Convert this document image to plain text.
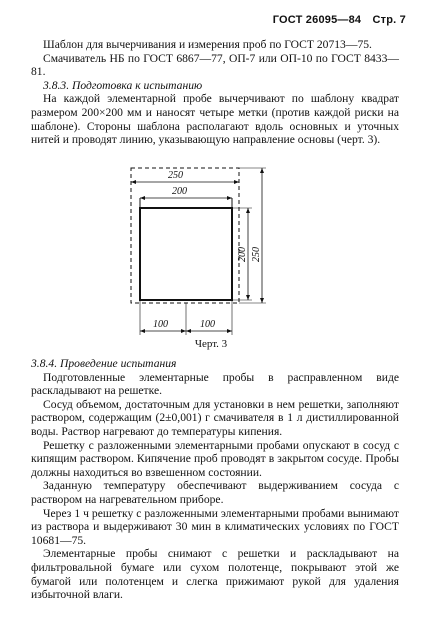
ГОСТ 26095—84 Стр. 7

Шаблон для вычерчивания и измерения проб по ГОСТ 20713—75.

Смачиватель НБ по ГОСТ 6867—77, ОП-7 или ОП-10 по ГОСТ 8433—81.

3.8.3. Подготовка к испытанию

На каждой элементарной пробе вычерчивают по шаблону квадрат размером 200×200 мм и наносят четыре метки (против каждой риски на шаблоне). Стороны шаблона располагают вдоль основных и уточных нитей и проводят линию, указывающую направление основы (черт. 3).

250
200
200 250
100	100
Черт. 3

3.8.4. Проведение испытания

Подготовленные элементарные пробы в расправленном виде раскладывают на решетке.

Сосуд объемом, достаточным для установки в нем решетки, заполняют раствором, содержащим (2±0,001) г смачивателя в 1 л дистиллированной воды. Раствор нагревают до температуры кипения.

Решетку с разложенными элементарными пробами опускают в сосуд с кипящим раствором. Кипячение проб проводят в закрытом сосуде. Пробы должны находиться во взвешенном состоянии.

Заданную температуру обеспечивают выдерживанием сосуда с раствором на нагревательном приборе.

Через 1 ч решетку с разложенными элементарными пробами вынимают из раствора и выдерживают 30 мин в климатических условиях по ГОСТ 10681—75.

Элементарные пробы снимают с решетки и раскладывают на фильтровальной бумаге или сухом полотенце, покрывают этой же бумагой или полотенцем и слегка прижимают рукой для удаления избыточной влаги.
